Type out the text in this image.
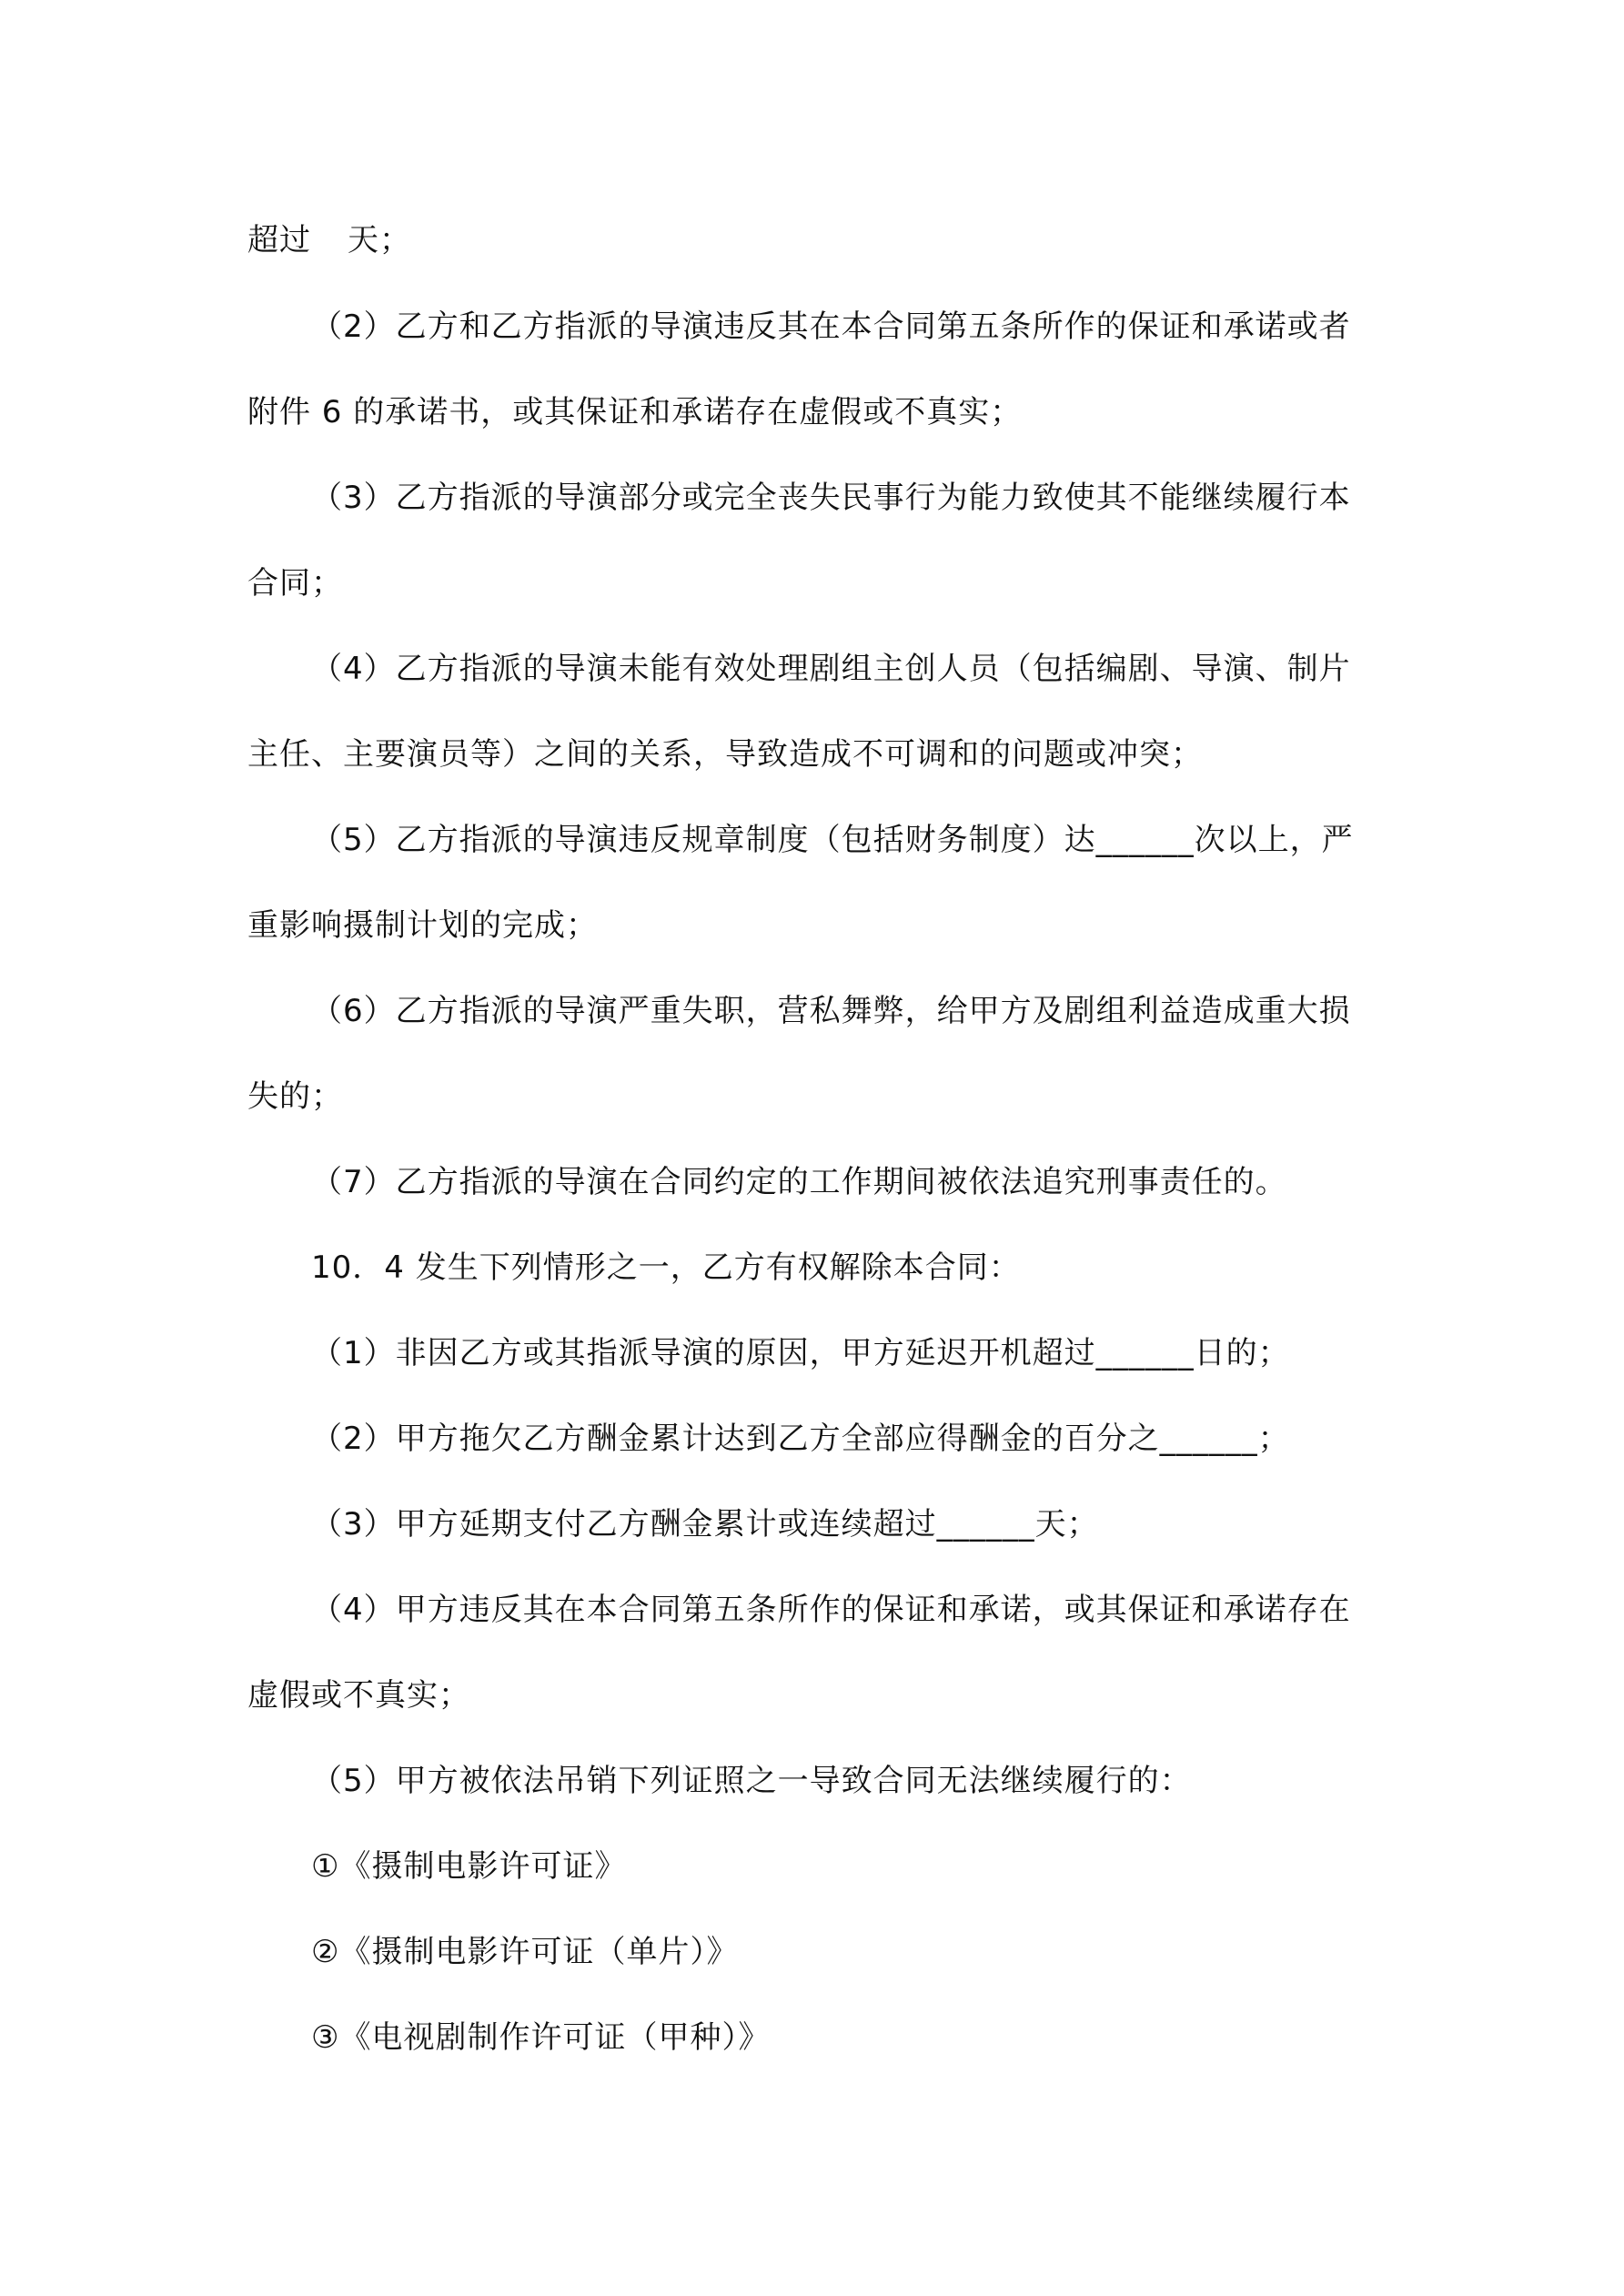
超过 天；
（2）乙方和乙方指派的导演违反其在本合同第五条所作的保证和承诺或者
附件 6 的承诺书，或其保证和承诺存在虚假或不真实；
（3）乙方指派的导演部分或完全丧失民事行为能力致使其不能继续履行本
合同；
（4）乙方指派的导演未能有效处理剧组主创人员（包括编剧、导演、制片
主任、主要演员等）之间的关系，导致造成不可调和的问题或冲突；
（5）乙方指派的导演违反规章制度（包括财务制度）达______次以上，严
重影响摄制计划的完成；
（6）乙方指派的导演严重失职，营私舞弊，给甲方及剧组利益造成重大损
失的；
（7）乙方指派的导演在合同约定的工作期间被依法追究刑事责任的。
10．4 发生下列情形之一，乙方有权解除本合同：
（1）非因乙方或其指派导演的原因，甲方延迟开机超过______日的；
（2）甲方拖欠乙方酬金累计达到乙方全部应得酬金的百分之______；
（3）甲方延期支付乙方酬金累计或连续超过______天；
（4）甲方违反其在本合同第五条所作的保证和承诺，或其保证和承诺存在
虚假或不真实；
（5）甲方被依法吊销下列证照之一导致合同无法继续履行的：
①《摄制电影许可证》
②《摄制电影许可证（单片）》
③《电视剧制作许可证（甲种）》
